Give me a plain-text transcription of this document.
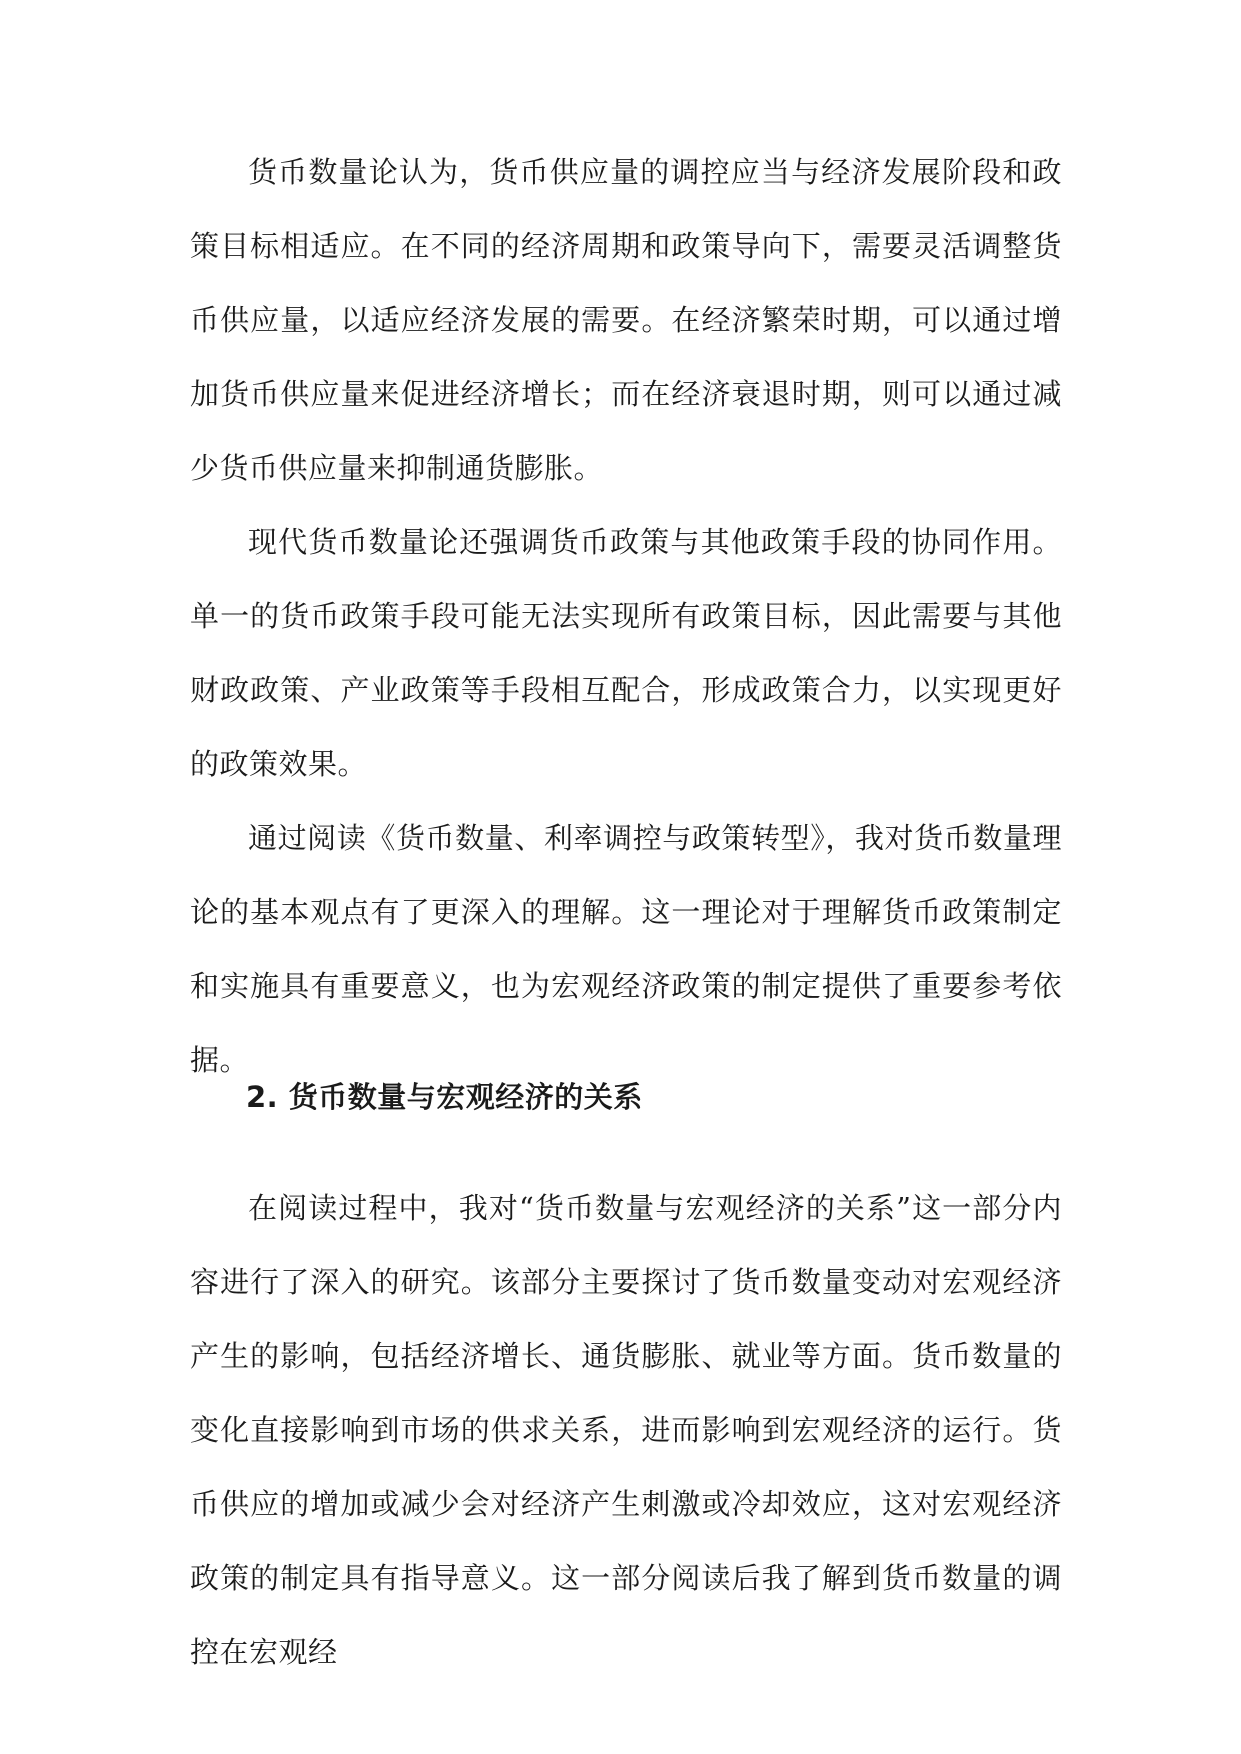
货币数量论认为，货币供应量的调控应当与经济发展阶段和政策目标相适应。在不同的经济周期和政策导向下，需要灵活调整货币供应量，以适应经济发展的需要。在经济繁荣时期，可以通过增加货币供应量来促进经济增长；而在经济衰退时期，则可以通过减少货币供应量来抑制通货膨胀。

现代货币数量论还强调货币政策与其他政策手段的协同作用。单一的货币政策手段可能无法实现所有政策目标，因此需要与其他财政政策、产业政策等手段相互配合，形成政策合力，以实现更好的政策效果。

通过阅读《货币数量、利率调控与政策转型》，我对货币数量理论的基本观点有了更深入的理解。这一理论对于理解货币政策制定和实施具有重要意义，也为宏观经济政策的制定提供了重要参考依据。

2. 货币数量与宏观经济的关系

在阅读过程中，我对“货币数量与宏观经济的关系”这一部分内容进行了深入的研究。该部分主要探讨了货币数量变动对宏观经济产生的影响，包括经济增长、通货膨胀、就业等方面。货币数量的变化直接影响到市场的供求关系，进而影响到宏观经济的运行。货币供应的增加或减少会对经济产生刺激或冷却效应，这对宏观经济政策的制定具有指导意义。这一部分阅读后我了解到货币数量的调控在宏观经
